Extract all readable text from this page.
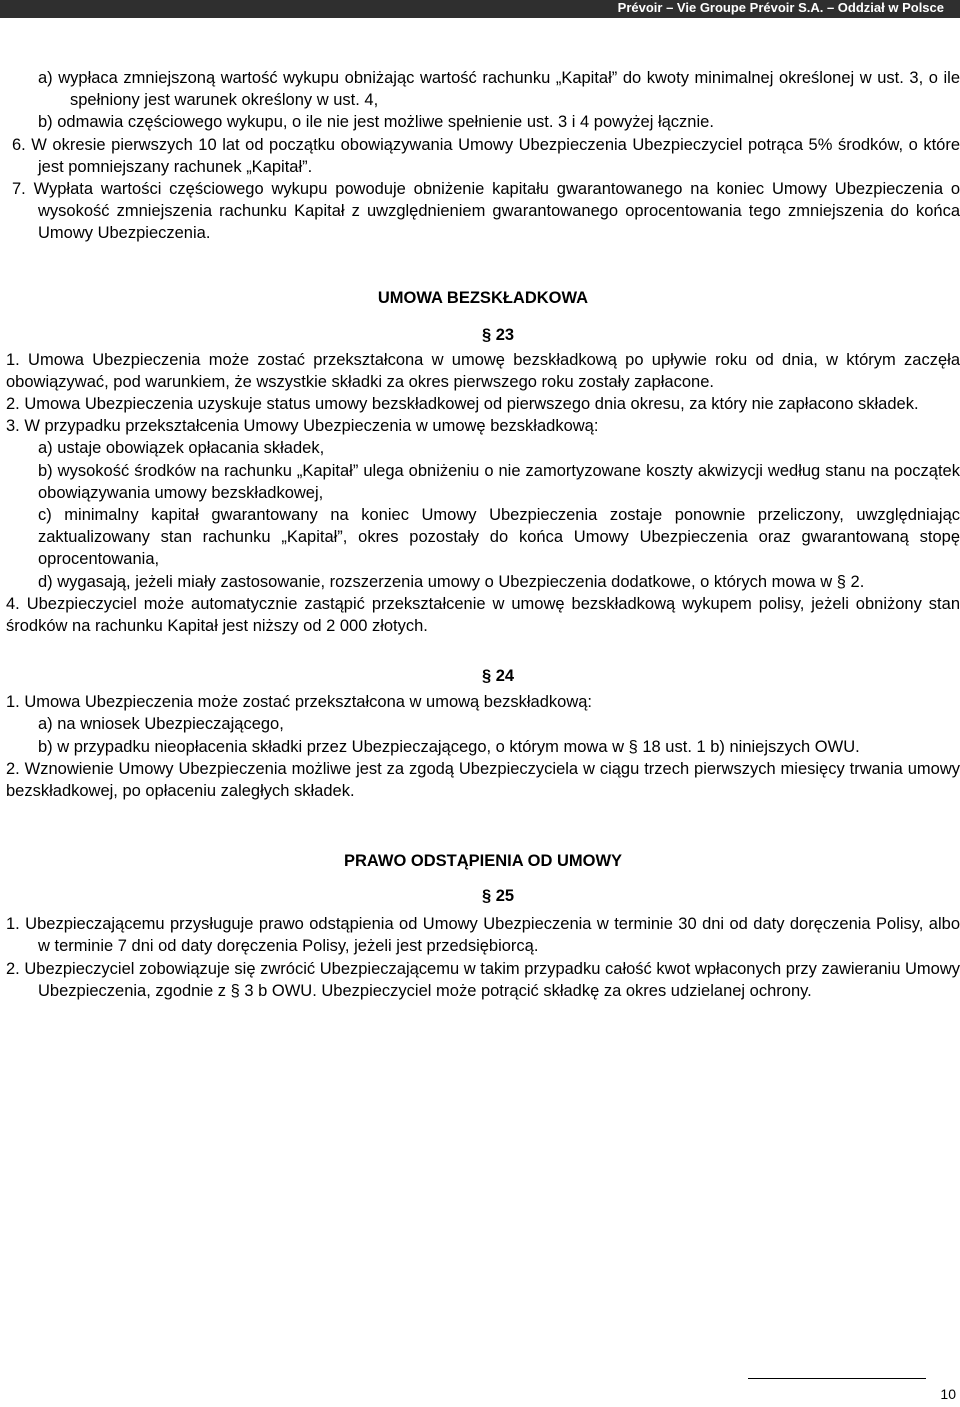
Prévoir – Vie Groupe Prévoir S.A. – Oddział w Polsce

a) wypłaca zmniejszoną wartość wykupu obniżając wartość rachunku „Kapitał” do kwoty minimalnej określonej w ust. 3, o ile spełniony jest warunek określony w ust. 4,

b) odmawia częściowego wykupu, o ile nie jest możliwe spełnienie ust. 3 i 4 powyżej łącznie.

6. W okresie pierwszych 10 lat od początku obowiązywania Umowy Ubezpieczenia Ubezpieczyciel potrąca 5% środków, o które jest pomniejszany rachunek „Kapitał”.

7. Wypłata wartości częściowego wykupu powoduje obniżenie kapitału gwarantowanego na koniec Umowy Ubezpieczenia o wysokość zmniejszenia rachunku Kapitał z uwzględnieniem gwarantowanego oprocentowania tego zmniejszenia do końca Umowy Ubezpieczenia.

UMOWA BEZSKŁADKOWA

§ 23

1. Umowa Ubezpieczenia może zostać przekształcona w umowę bezskładkową po upływie roku od dnia, w którym zaczęła obowiązywać, pod warunkiem, że wszystkie składki za okres pierwszego roku zostały zapłacone.

2. Umowa Ubezpieczenia uzyskuje status umowy bezskładkowej od pierwszego dnia okresu, za który nie zapłacono składek.

3. W przypadku przekształcenia Umowy Ubezpieczenia w umowę bezskładkową:

a) ustaje obowiązek opłacania składek,

b) wysokość środków na rachunku „Kapitał” ulega obniżeniu o nie zamortyzowane koszty akwizycji według stanu na początek obowiązywania umowy bezskładkowej,

c) minimalny kapitał gwarantowany na koniec Umowy Ubezpieczenia zostaje ponownie przeliczony, uwzględniając zaktualizowany stan rachunku „Kapitał”, okres pozostały do końca Umowy Ubezpieczenia oraz gwarantowaną stopę oprocentowania,

d) wygasają, jeżeli miały zastosowanie, rozszerzenia umowy o Ubezpieczenia dodatkowe, o których mowa w § 2.

4. Ubezpieczyciel może automatycznie zastąpić przekształcenie w umowę bezskładkową wykupem polisy, jeżeli obniżony stan środków na rachunku Kapitał jest niższy od 2 000 złotych.

§ 24

1. Umowa Ubezpieczenia może zostać przekształcona w umową bezskładkową:

a) na wniosek Ubezpieczającego,

b) w przypadku nieopłacenia składki przez Ubezpieczającego, o którym mowa w § 18 ust. 1 b) niniejszych OWU.

2. Wznowienie Umowy Ubezpieczenia możliwe jest za zgodą Ubezpieczyciela w ciągu trzech pierwszych miesięcy trwania umowy bezskładkowej, po opłaceniu zaległych składek.

PRAWO ODSTĄPIENIA OD UMOWY

§ 25

1. Ubezpieczającemu przysługuje prawo odstąpienia od Umowy Ubezpieczenia w terminie 30 dni od daty doręczenia Polisy, albo w terminie 7 dni od daty doręczenia Polisy, jeżeli jest przedsiębiorcą.

2. Ubezpieczyciel zobowiązuje się zwrócić Ubezpieczającemu w takim przypadku całość kwot wpłaconych przy zawieraniu Umowy Ubezpieczenia, zgodnie z § 3 b OWU. Ubezpieczyciel może potrącić składkę za okres udzielanej ochrony.

10
